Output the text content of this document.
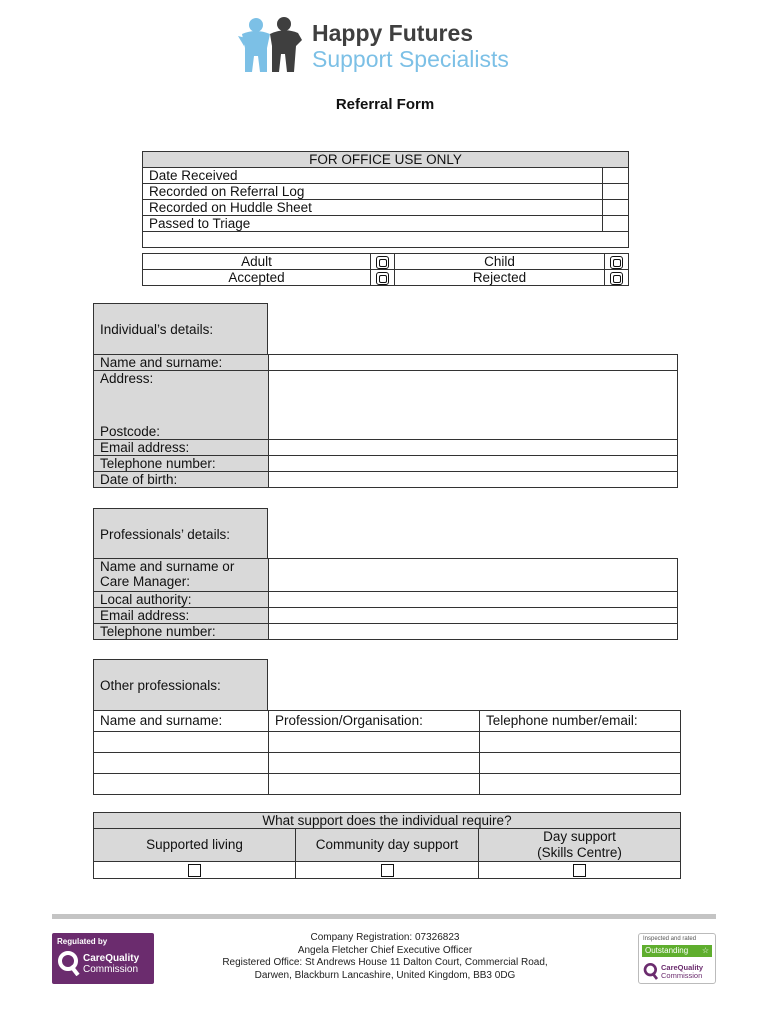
Happy Futures
Support Specialists
Referral Form
FOR OFFICE USE ONLY	
Date Received	
Recorded on Referral Log	
Recorded on Huddle Sheet	
Passed to Triage	

Adult		Child	
Accepted		Rejected	
Individual’s details:
Name and surname:	

Address:
Postcode:	

Email address:	
Telephone number:	
Date of birth:	
Professionals’ details:
Name and surname or
Care Manager:	

Local authority:	
Email address:	
Telephone number:	
Other professionals:
Name and surname:	Profession/Organisation:	Telephone number/email:

What support does the individual require?		
Supported living	Community day support	Day support
(Skills Centre)

Regulated by
CareQuality
Commission
Company Registration: 07326823
Angela Fletcher Chief Executive Officer
Registered Office: St Andrews House 11 Dalton Court, Commercial Road,
Darwen, Blackburn Lancashire, United Kingdom, BB3 0DG
Inspected and rated
Outstanding ☆
CareQuality
Commission
